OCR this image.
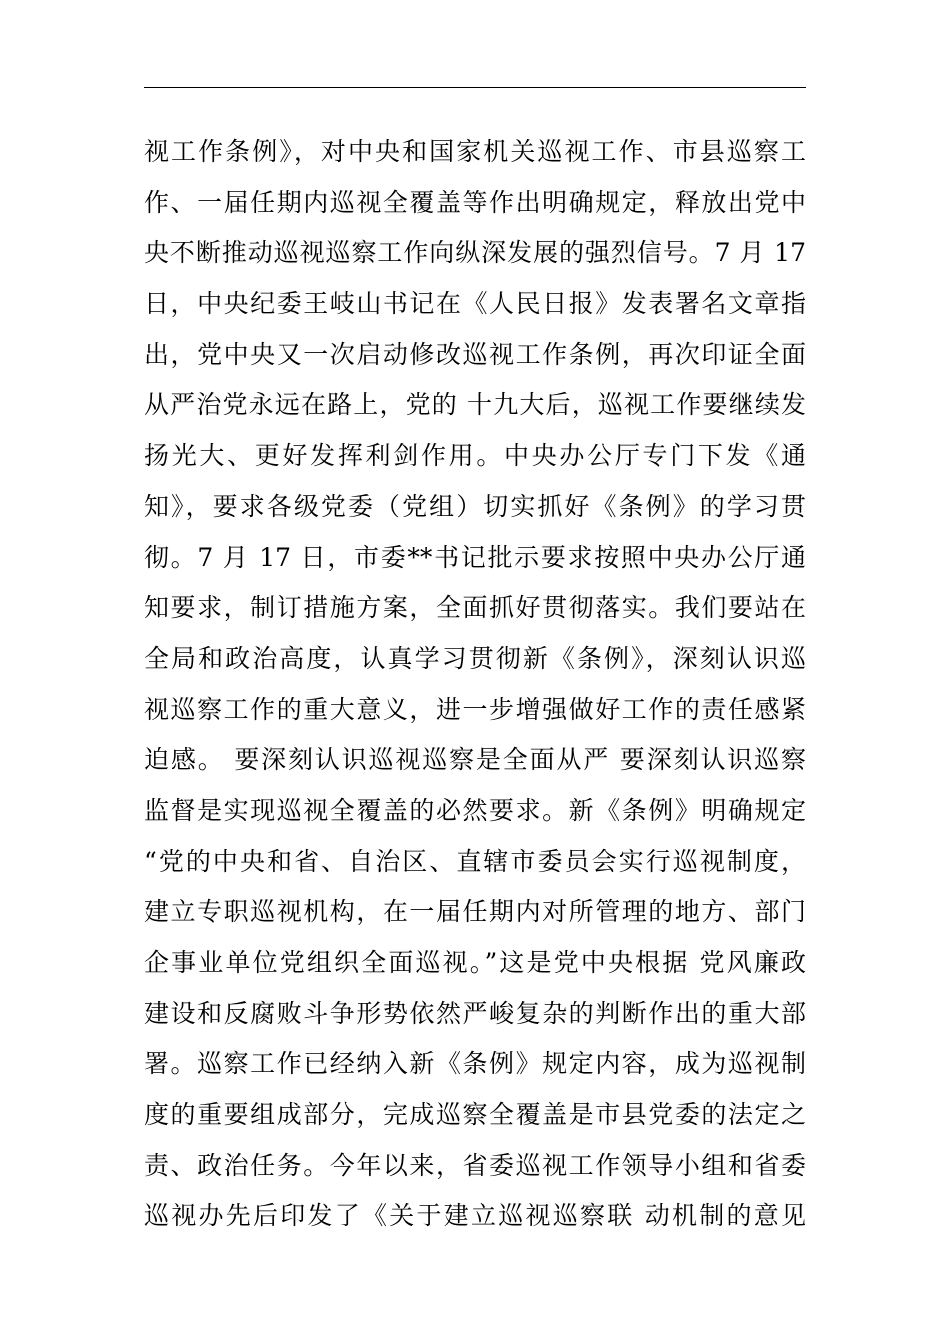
视工作条例》，对中央和国家机关巡视工作、市县巡察工
作、一届任期内巡视全覆盖等作出明确规定，释放出党中
央不断推动巡视巡察工作向纵深发展的强烈信号。7 月 17
日，中央纪委王岐山书记在《人民日报》发表署名文章指
出，党中央又一次启动修改巡视工作条例，再次印证全面
从严治党永远在路上，党的 十九大后，巡视工作要继续发
扬光大、更好发挥利剑作用。中央办公厅专门下发《通
知》，要求各级党委（党组）切实抓好《条例》的学习贯
彻。7 月 17 日，市委**书记批示要求按照中央办公厅通
知要求，制订措施方案，全面抓好贯彻落实。我们要站在
全局和政治高度，认真学习贯彻新《条例》，深刻认识巡
视巡察工作的重大意义，进一步增强做好工作的责任感紧
迫感。 要深刻认识巡视巡察是全面从严 要深刻认识巡察
监督是实现巡视全覆盖的必然要求。新《条例》明确规定
“党的中央和省、自治区、直辖市委员会实行巡视制度，
建立专职巡视机构，在一届任期内对所管理的地方、部门
企事业单位党组织全面巡视。”这是党中央根据 党风廉政
建设和反腐败斗争形势依然严峻复杂的判断作出的重大部
署。巡察工作已经纳入新《条例》规定内容，成为巡视制
度的重要组成部分，完成巡察全覆盖是市县党委的法定之
责、政治任务。今年以来，省委巡视工作领导小组和省委
巡视办先后印发了《关于建立巡视巡察联 动机制的意见
